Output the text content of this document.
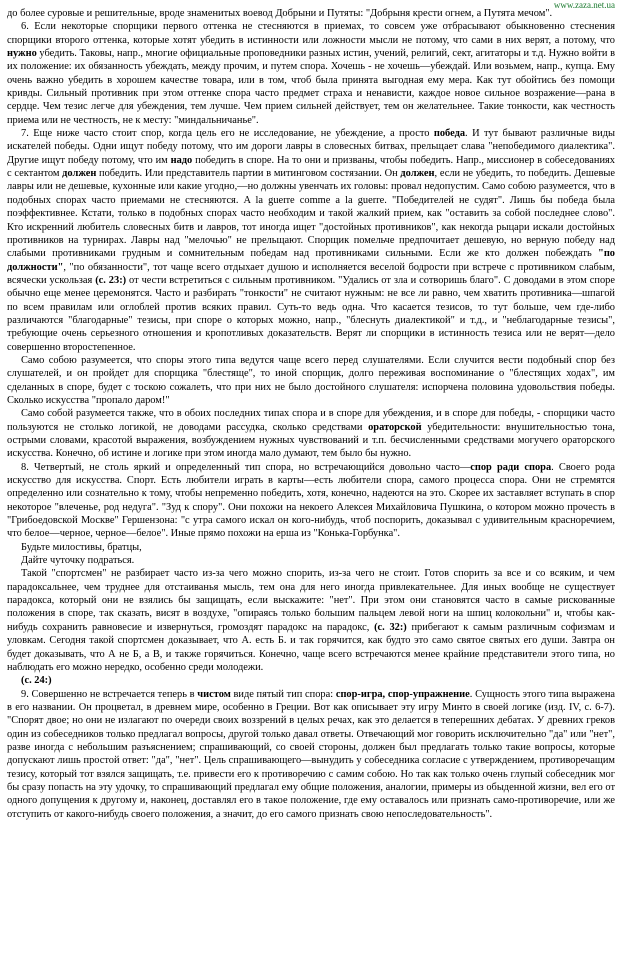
www.zaza.net.ua

до более суровые и решительные, вроде знаменитых воевод Добрыни и Путяты: "Добрыня крести огнем, а Путята мечом".

6. Если некоторые спорщики первого оттенка не стесняются в приемах, то совсем уже отбрасывают обыкновенно стеснения спорщики второго оттенка, которые хотят убедить в истинности или ложности мысли не потому, что сами в них верят, а потому, что нужно убедить. Таковы, напр., многие официальные проповедники разных истин, учений, религий, сект, агитаторы и т.д. Нужно войти в их положение: их обязанность убеждать, между прочим, и путем спора. Хочешь - не хочешь—убеждай. Или возьмем, напр., купца. Ему очень важно убедить в хорошем качестве товара, или в том, чтоб была принята выгодная ему мера. Как тут обойтись без помощи кривды. Сильный противник при этом оттенке спора часто предмет страха и ненависти, каждое новое сильное возражение—рана в сердце. Чем тезис легче для убеждения, тем лучше. Чем прием сильней действует, тем он желательнее. Такие тонкости, как честность приема или не честность, не к месту: "миндальничанье".

7. Еще ниже часто стоит спор, когда цель его не исследование, не убеждение, а просто победа. И тут бывают различные виды искателей победы. Одни ищут победу потому, что им дороги лавры в словесных битвах, прельщает слава "непобедимого диалектика". Другие ищут победу потому, что им надо победить в споре. На то они и призваны, чтобы победить. Напр., миссионер в собеседованиях с сектантом должен победить. Или представитель партии в митинговом состязании. Он должен, если не убедить, то победить. Дешевые лавры или не дешевые, кухонные или какие угодно,—но должны увенчать их головы: провал недопустим. Само собою разумеется, что в подобных спорах часто приемами не стесняются. A la guerre comme a la guerre. "Победителей не судят". Лишь бы победа была поэффективнее. Кстати, только в подобных спорах часто необходим и такой жалкий прием, как "оставить за собой последнее слово". Кто искренний любитель словесных битв и лавров, тот иногда ищет "достойных противников", как некогда рыцари искали достойных противников на турнирах. Лавры над "мелочью" не прельщают. Спорщик помельче предпочитает дешевую, но верную победу над слабыми противниками грудным и сомнительным победам над противниками сильными. Если же кто должен побеждать "по должности", "по обязанности", тот чаще всего отдыхает душою и исполняется веселой бодрости при встрече с противником слабым, всячески ускользая (с. 23:) от чести встретиться с сильным противником. "Удались от зла и сотворишь благо". С доводами в этом споре обычно еще менее церемонятся. Часто и разбирать "тонкости" не считают нужным: не все ли равно, чем хватить противника—шпагой по всем правилам или оглоблей против всяких правил. Суть-то ведь одна. Что касается тезисов, то тут больше, чем где-либо различаются "благодарные" тезисы, при споре о которых можно, напр., "блеснуть диалектикой" и т.д., и "неблагодарные тезисы", требующие очень серьезного отношения и кропотливых доказательств. Верят ли спорщики в истинность тезиса или не верят—дело совершенно второстепенное.

Само собою разумеется, что споры этого типа ведутся чаще всего перед слушателями. Если случится вести подобный спор без слушателей, и он пройдет для спорщика "блестяще", то иной спорщик, долго переживая воспоминание о "блестящих ходах", им сделанных в споре, будет с тоскою сожалеть, что при них не было достойного слушателя: испорчена половина удовольствия победы. Сколько искусства "пропало даром!"

Само собой разумеется также, что в обоих последних типах спора и в споре для убеждения, и в споре для победы, - спорщики часто пользуются не столько логикой, не доводами рассудка, сколько средствами ораторской убедительности: внушительностью тона, острыми словами, красотой выражения, возбуждением нужных чувствований и т.п. бесчисленными средствами могучего ораторского искусства. Конечно, об истине и логике при этом иногда мало думают, тем было бы нужно.

8. Четвертый, не столь яркий и определенный тип спора, но встречающийся довольно часто—спор ради спора. Своего рода искусство для искусства. Спорт. Есть любители играть в карты—есть любители спора, самого процесса спора. Они не стремятся определенно или сознательно к тому, чтобы непременно победить, хотя, конечно, надеются на это. Скорее их заставляет вступать в спор некоторое "влеченье, род недуга". "Зуд к спору". Они похожи на некоего Алексея Михайловича Пушкина, о котором можно прочесть в "Грибоедовской Москве" Гершензона: "с утра самого искал он кого-нибудь, чтоб поспорить, доказывал с удивительным красноречием, что белое—черное, черное—белое". Иные прямо похожи на ерша из "Конька-Горбунка".

Будьте милостивы, братцы,

Дайте чуточку подраться.

Такой "спортсмен" не разбирает часто из-за чего можно спорить, из-за чего не стоит. Готов спорить за все и со всяким, и чем парадоксальнее, чем труднее для отстаиванья мысль, тем она для него иногда привлекательнее. Для иных вообще не существует парадокса, который они не взялись бы защищать, если выскажите: "нет". При этом они становятся часто в самые рискованные положения в споре, так сказать, висят в воздухе, "опираясь только большим пальцем левой ноги на шпиц колокольни" и, чтобы как-нибудь сохранить равновесие и извернуться, громоздят парадокс на парадокс, (с. 32:) прибегают к самым различным софизмам и уловкам. Сегодня такой спортсмен доказывает, что А. есть Б. и так горячится, как будто это само святое святых его души. Завтра он будет доказывать, что А не Б, а В, и также горячиться. Конечно, чаще всего встречаются менее крайние представители этого типа, но наблюдать его можно нередко, особенно среди молодежи.

(с. 24:)

9. Совершенно не встречается теперь в чистом виде пятый тип спора: спор-игра, спор-упражнение. Сущность этого типа выражена в его названии. Он процветал, в древнем мире, особенно в Греции. Вот как описывает эту игру Минто в своей логике (изд. IV, с. 6-7). "Спорят двое; но они не излагают по очереди своих воззрений в целых речах, как это делается в теперешних дебатах. У древних греков один из собеседников только предлагал вопросы, другой только давал ответы. Отвечающий мог говорить исключительно "да" или "нет", разве иногда с небольшим разъяснением; спрашивающий, со своей стороны, должен был предлагать только такие вопросы, которые допускают лишь простой ответ: "да", "нет". Цель спрашивающего—вынудить у собеседника согласие с утверждением, противоречащим тезису, который тот взялся защищать, т.е. привести его к противоречию с самим собою. Но так как только очень глупый собеседник мог бы сразу попасть на эту удочку, то спрашивающий предлагал ему общие положения, аналогии, примеры из обыденной жизни, вел его от одного допущения к другому и, наконец, доставлял его в такое положение, где ему оставалось или признать само-противоречие, или же отступить от какого-нибудь своего положения, а значит, до его самого признать свою непоследовательность".
